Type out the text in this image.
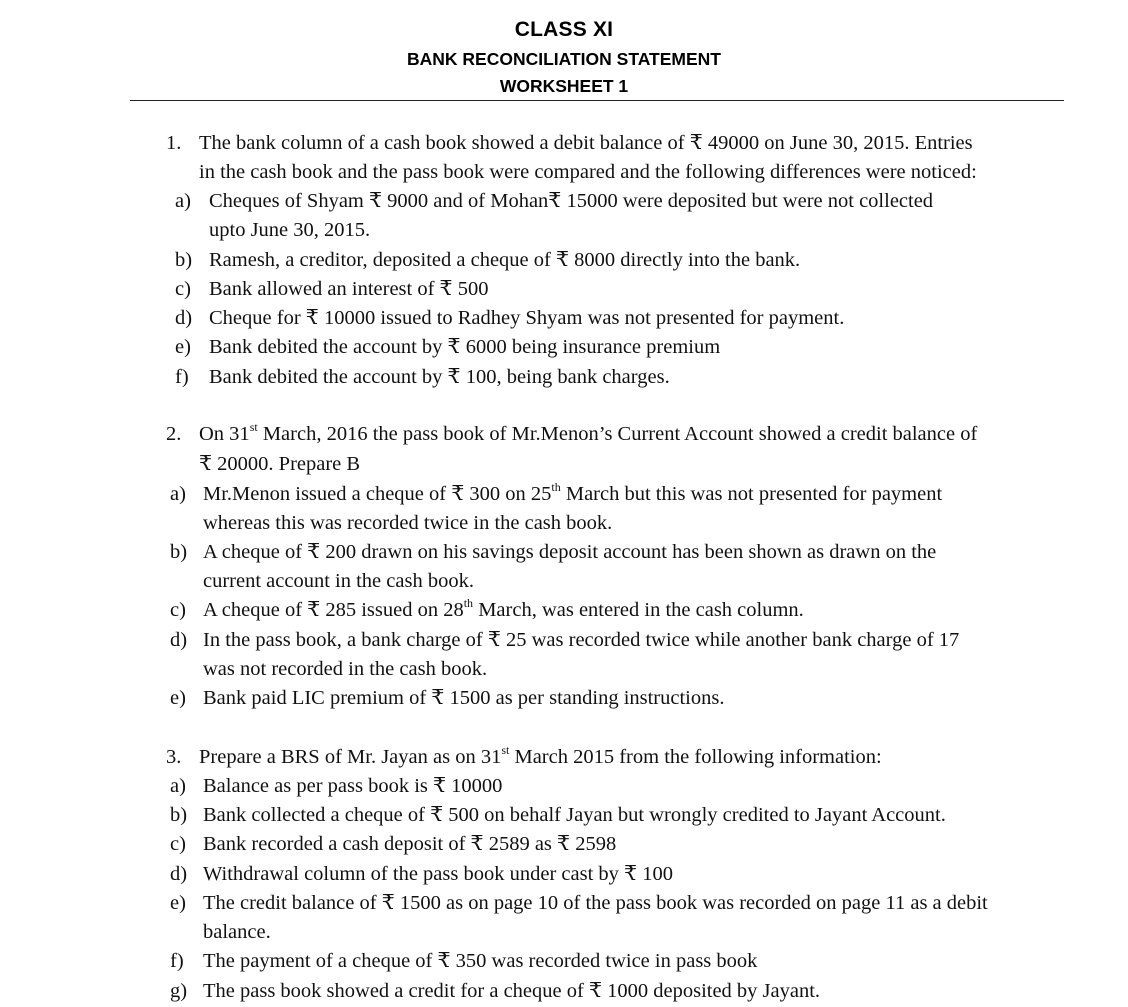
CLASS XI
BANK RECONCILIATION STATEMENT
WORKSHEET 1
1. The bank column of a cash book showed a debit balance of ₹ 49000 on June 30, 2015. Entries
in the cash book and the pass book were compared and the following differences were noticed:
a) Cheques of Shyam ₹ 9000 and of Mohan₹ 15000 were deposited but were not collected
upto June 30, 2015.
b) Ramesh, a creditor, deposited a cheque of ₹ 8000 directly into the bank.
c) Bank allowed an interest of ₹ 500
d) Cheque for ₹ 10000 issued to Radhey Shyam was not presented for payment.
e) Bank debited the account by ₹ 6000 being insurance premium
f) Bank debited the account by ₹ 100, being bank charges.
2. On 31st March, 2016 the pass book of Mr.Menon’s Current Account showed a credit balance of
₹ 20000. Prepare B
a) Mr.Menon issued a cheque of ₹ 300 on 25th March but this was not presented for payment
whereas this was recorded twice in the cash book.
b) A cheque of ₹ 200 drawn on his savings deposit account has been shown as drawn on the
current account in the cash book.
c) A cheque of ₹ 285 issued on 28th March, was entered in the cash column.
d) In the pass book, a bank charge of ₹ 25 was recorded twice while another bank charge of 17
was not recorded in the cash book.
e) Bank paid LIC premium of ₹ 1500 as per standing instructions.
3. Prepare a BRS of Mr. Jayan as on 31st March 2015 from the following information:
a) Balance as per pass book is ₹ 10000
b) Bank collected a cheque of ₹ 500 on behalf Jayan but wrongly credited to Jayant Account.
c) Bank recorded a cash deposit of ₹ 2589 as ₹ 2598
d) Withdrawal column of the pass book under cast by ₹ 100
e) The credit balance of ₹ 1500 as on page 10 of the pass book was recorded on page 11 as a debit
balance.
f) The payment of a cheque of ₹ 350 was recorded twice in pass book
g) The pass book showed a credit for a cheque of ₹ 1000 deposited by Jayant.
